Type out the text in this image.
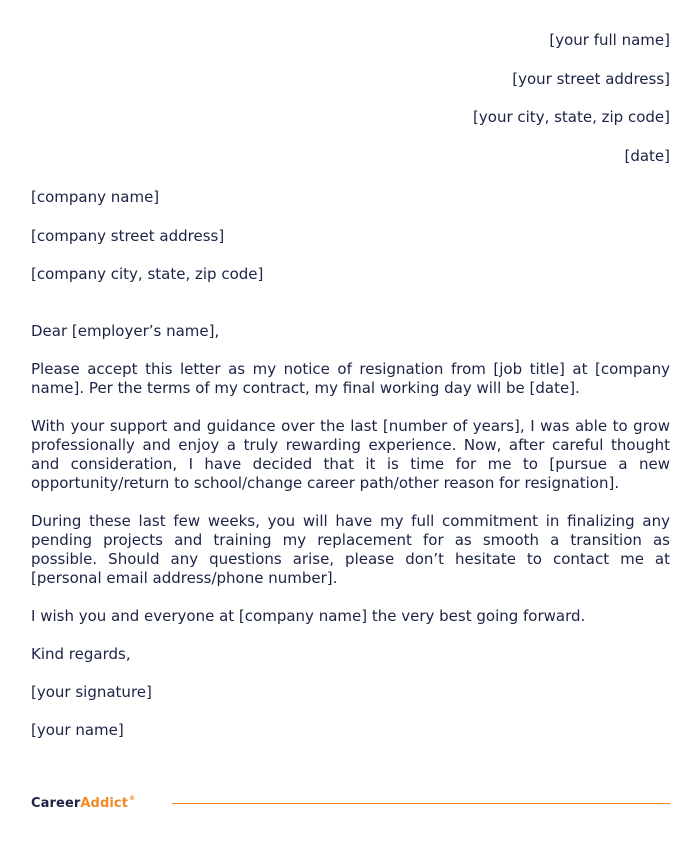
[your full name]
[your street address]
[your city, state, zip code]
[date]
[company name]
[company street address]
[company city, state, zip code]

Dear [employer’s name],

Please accept this letter as my notice of resignation from [job title] at [company name]. Per the terms of my contract, my final working day will be [date].

With your support and guidance over the last [number of years], I was able to grow professionally and enjoy a truly rewarding experience. Now, after careful thought and consideration, I have decided that it is time for me to [pursue a new opportunity/return to school/change career path/other reason for resignation].

During these last few weeks, you will have my full commitment in finalizing any pending projects and training my replacement for as smooth a transition as possible. Should any questions arise, please don’t hesitate to contact me at [personal email address/phone number].

I wish you and everyone at [company name] the very best going forward.

Kind regards,

[your signature]

[your name]

CareerAddict®
